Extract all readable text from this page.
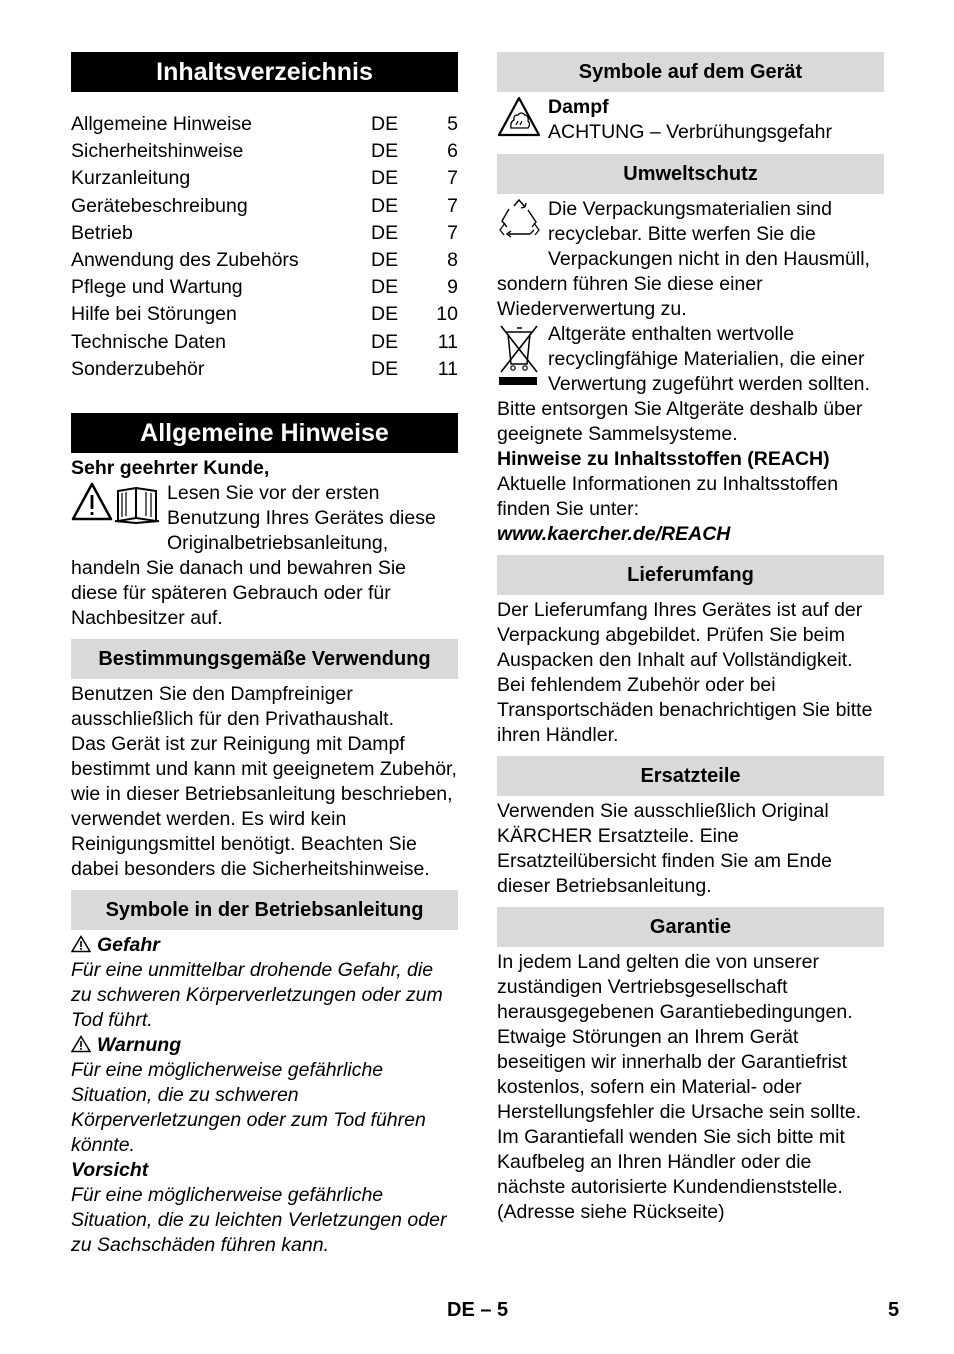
Inhaltsverzeichnis
Allgemeine Hinweise	DE	5
Sicherheitshinweise	DE	6
Kurzanleitung	DE	7
Gerätebeschreibung	DE	7
Betrieb	DE	7
Anwendung des Zubehörs	DE	8
Pflege und Wartung	DE	9
Hilfe bei Störungen	DE	10
Technische Daten	DE	11
Sonderzubehör	DE	11
Allgemeine Hinweise

Sehr geehrter Kunde,

Lesen Sie vor der ersten Benutzung Ihres Gerätes diese Originalbetriebsanleitung, handeln Sie danach und bewahren Sie diese für späteren Gebrauch oder für Nachbesitzer auf.

Bestimmungsgemäße Verwendung

Benutzen Sie den Dampfreiniger ausschließlich für den Privathaushalt.

Das Gerät ist zur Reinigung mit Dampf bestimmt und kann mit geeignetem Zubehör, wie in dieser Betriebsanleitung beschrieben, verwendet werden. Es wird kein Reinigungsmittel benötigt. Beachten Sie dabei besonders die Sicherheitshinweise.

Symbole in der Betriebsanleitung

Gefahr

Für eine unmittelbar drohende Gefahr, die zu schweren Körperverletzungen oder zum Tod führt.

Warnung

Für eine möglicherweise gefährliche Situation, die zu schweren Körperverletzungen oder zum Tod führen könnte.

Vorsicht

Für eine möglicherweise gefährliche Situation, die zu leichten Verletzungen oder zu Sachschäden führen kann.

Symbole auf dem Gerät

Dampf

ACHTUNG – Verbrühungsgefahr

Umweltschutz

Die Verpackungsmaterialien sind recyclebar. Bitte werfen Sie die Verpackungen nicht in den Hausmüll, sondern führen Sie diese einer Wiederverwertung zu.

Altgeräte enthalten wertvolle recyclingfähige Materialien, die einer Verwertung zugeführt werden sollten. Bitte entsorgen Sie Altgeräte deshalb über geeignete Sammelsysteme.

Hinweise zu Inhaltsstoffen (REACH)

Aktuelle Informationen zu Inhaltsstoffen finden Sie unter:

www.kaercher.de/REACH

Lieferumfang

Der Lieferumfang Ihres Gerätes ist auf der Verpackung abgebildet. Prüfen Sie beim Auspacken den Inhalt auf Vollständigkeit. Bei fehlendem Zubehör oder bei Transportschäden benachrichtigen Sie bitte ihren Händler.

Ersatzteile

Verwenden Sie ausschließlich Original KÄRCHER Ersatzteile. Eine Ersatzteilübersicht finden Sie am Ende dieser Betriebsanleitung.

Garantie

In jedem Land gelten die von unserer zuständigen Vertriebsgesellschaft herausgegebenen Garantiebedingungen. Etwaige Störungen an Ihrem Gerät beseitigen wir innerhalb der Garantiefrist kostenlos, sofern ein Material- oder Herstellungsfehler die Ursache sein sollte. Im Garantiefall wenden Sie sich bitte mit Kaufbeleg an Ihren Händler oder die nächste autorisierte Kundendienststelle.

(Adresse siehe Rückseite)

DE – 5	5
